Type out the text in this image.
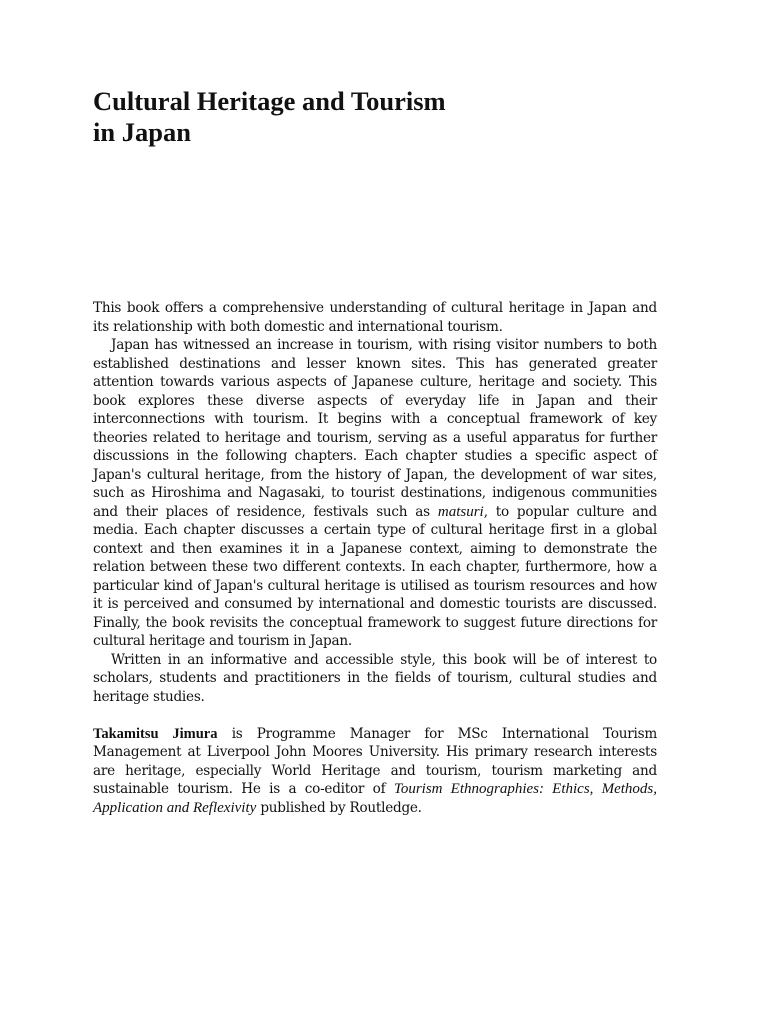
Cultural Heritage and Tourism
in Japan

This book offers a comprehensive understanding of cultural heritage in Japan and its relationship with both domestic and international tourism.

Japan has witnessed an increase in tourism, with rising visitor numbers to both established destinations and lesser known sites. This has generated greater attention towards various aspects of Japanese culture, heritage and society. This book explores these diverse aspects of everyday life in Japan and their interconnections with tourism. It begins with a conceptual framework of key theories related to heritage and tourism, serving as a useful apparatus for further discussions in the following chapters. Each chapter studies a specific aspect of Japan's cultural heritage, from the history of Japan, the development of war sites, such as Hiroshima and Nagasaki, to tourist destinations, indigenous communities and their places of residence, festivals such as matsuri, to popular culture and media. Each chapter discusses a certain type of cultural heritage first in a global context and then examines it in a Japanese context, aiming to demonstrate the relation between these two different contexts. In each chapter, furthermore, how a particular kind of Japan's cultural heritage is utilised as tourism resources and how it is perceived and consumed by international and domestic tourists are discussed. Finally, the book revisits the conceptual framework to suggest future directions for cultural heritage and tourism in Japan.

Written in an informative and accessible style, this book will be of interest to scholars, students and practitioners in the fields of tourism, cultural studies and heritage studies.

Takamitsu Jimura is Programme Manager for MSc International Tourism Management at Liverpool John Moores University. His primary research interests are heritage, especially World Heritage and tourism, tourism marketing and sustainable tourism. He is a co-editor of Tourism Ethnographies: Ethics, Methods, Application and Reflexivity published by Routledge.
